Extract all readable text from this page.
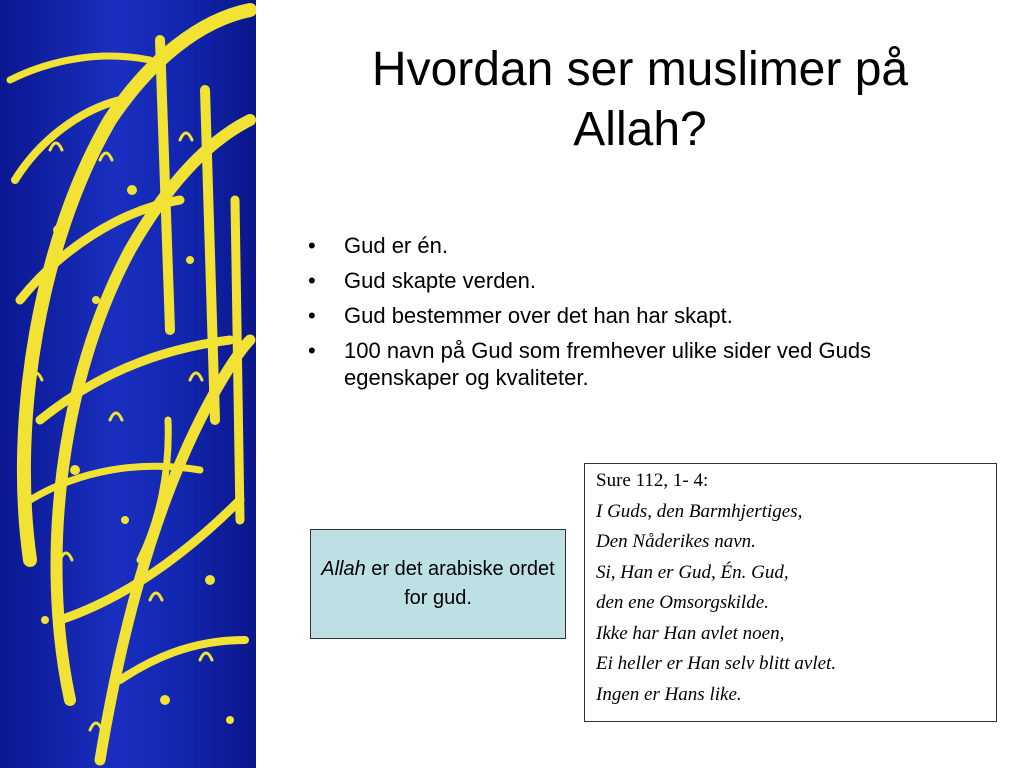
Hvordan ser muslimer på
Allah?
• Gud er én.
• Gud skapte verden.
• Gud bestemmer over det han har skapt.
• 100 navn på Gud som fremhever ulike sider ved Guds egenskaper og kvaliteter.
Allah er det arabiske ordet for gud.
Sure 112, 1- 4:
I Guds, den Barmhjertiges,
Den Nåderikes navn.
Si, Han er Gud, Én. Gud,
den ene Omsorgskilde.
Ikke har Han avlet noen,
Ei heller er Han selv blitt avlet.
Ingen er Hans like.
